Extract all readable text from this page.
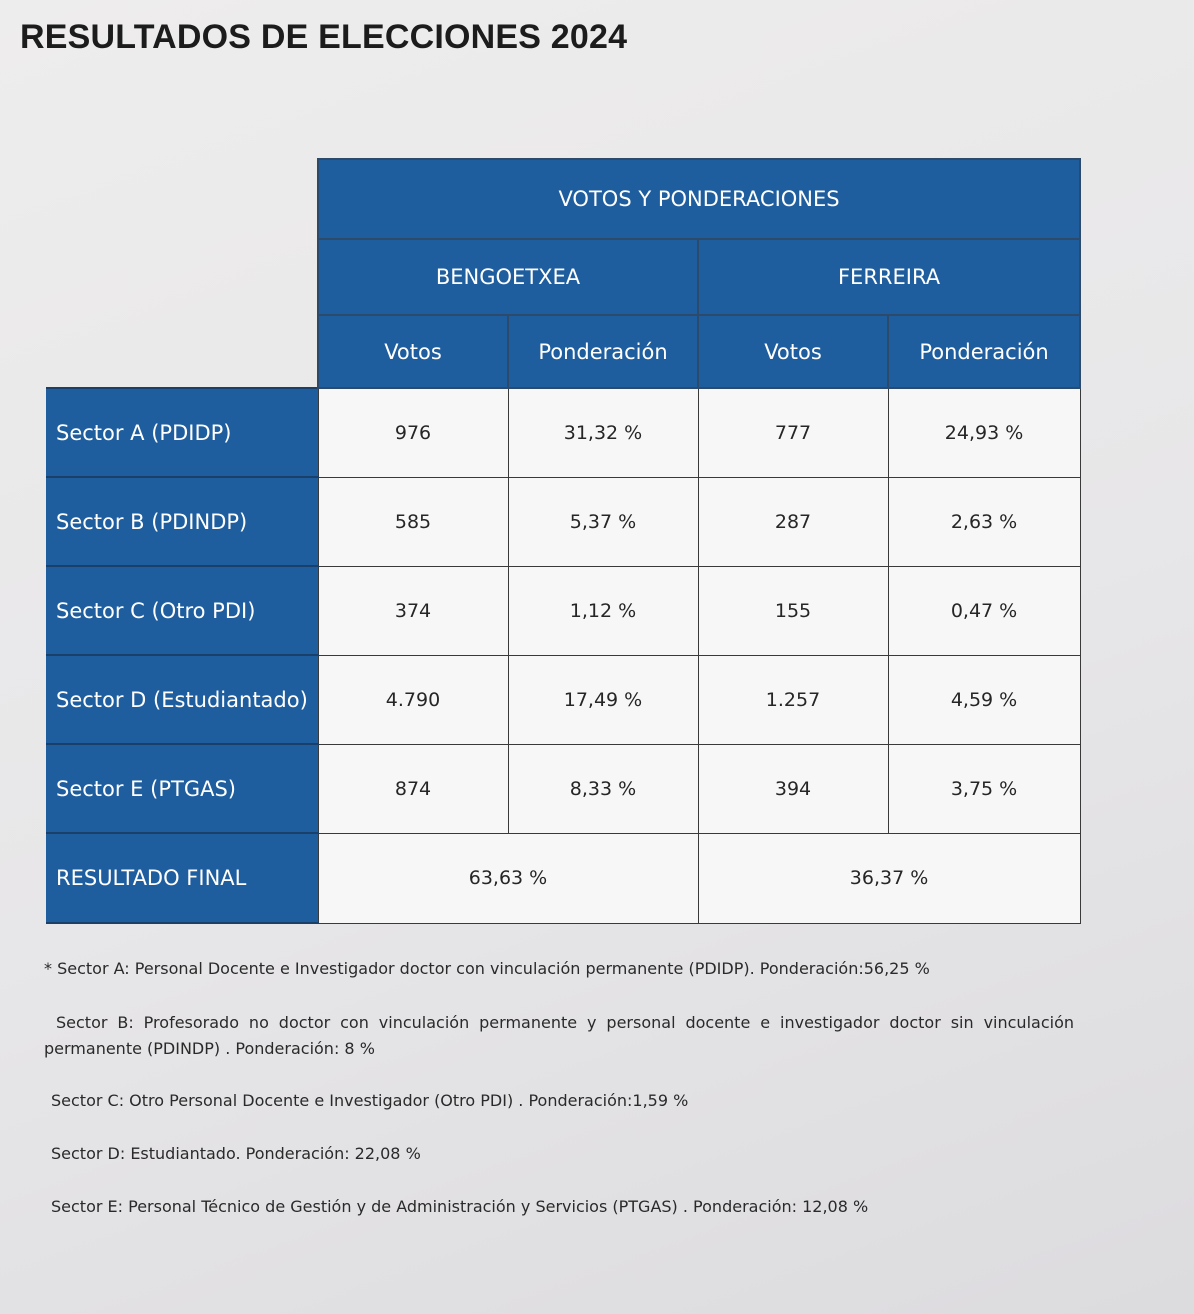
RESULTADOS DE ELECCIONES 2024
	VOTOS Y PONDERACIONES			
	BENGOETXEA		FERREIRA	
	Votos	Ponderación	Votos	Ponderación
Sector A (PDIDP)	976	31,32 %	777	24,93 %
Sector B (PDINDP)	585	5,37 %	287	2,63 %
Sector C (Otro PDI)	374	1,12 %	155	0,47 %
Sector D (Estudiantado)	4.790	17,49 %	1.257	4,59 %
Sector E (PTGAS)	874	8,33 %	394	3,75 %
RESULTADO FINAL	63,63 %		36,37 %	

* Sector A: Personal Docente e Investigador doctor con vinculación permanente (PDIDP). Ponderación:56,25 %

Sector B: Profesorado no doctor con vinculación permanente y personal docente e investigador doctor sin vinculación permanente (PDINDP) . Ponderación: 8 %

Sector C: Otro Personal Docente e Investigador (Otro PDI) . Ponderación:1,59 %

Sector D: Estudiantado. Ponderación: 22,08 %

Sector E: Personal Técnico de Gestión y de Administración y Servicios (PTGAS) . Ponderación: 12,08 %
